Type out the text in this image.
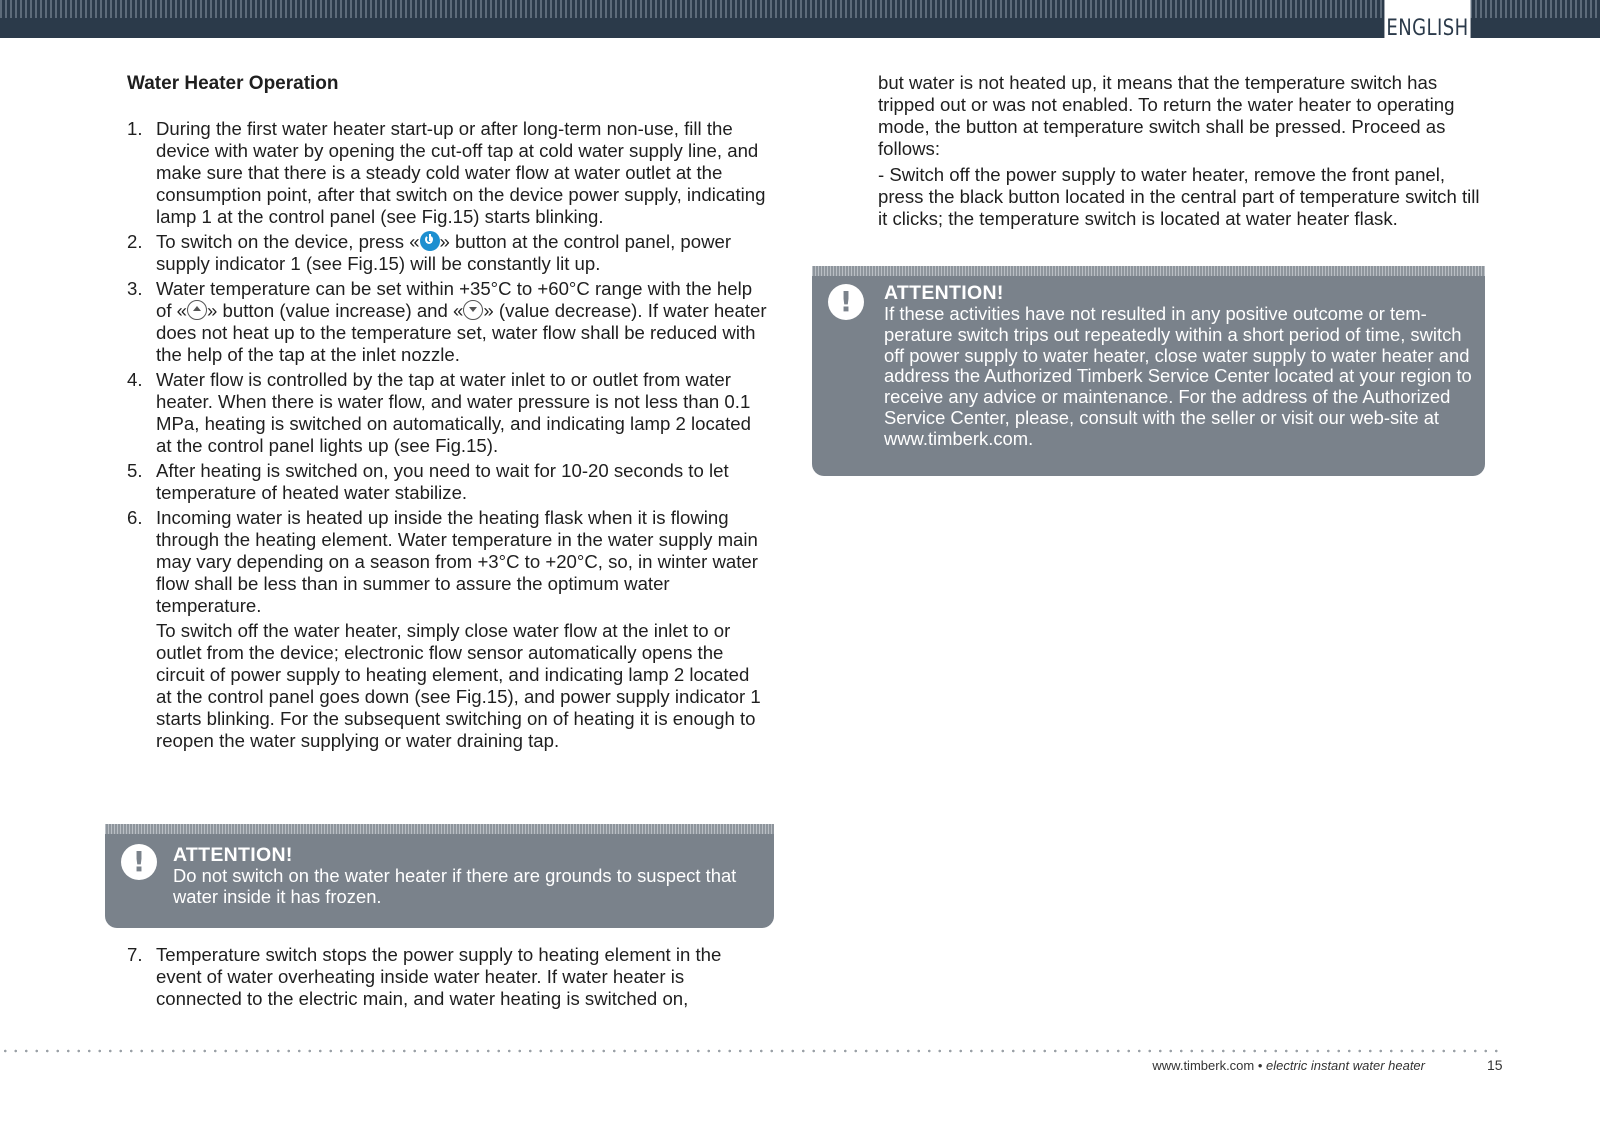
ENGLISH
Water Heater Operation
1. During the first water heater start-up or after long-term non-use, fill the device with water by opening the cut-off tap at cold water supply line, and make sure that there is a steady cold water flow at water outlet at the consumption point, after that switch on the device power supply, indicating lamp 1 at the control panel (see Fig.15) starts blinking.
2. To switch on the device, press « » button at the control panel, power supply indicator 1 (see Fig.15) will be constantly lit up.
3. Water temperature can be set within +35°C to +60°C range with the help of « » button (value increase) and « » (value decrease). If water heater does not heat up to the temperature set, water flow shall be reduced with the help of the tap at the inlet nozzle.
4. Water flow is controlled by the tap at water inlet to or outlet from water heater. When there is water flow, and water pressure is not less than 0.1 MPa, heating is switched on automatically, and indicating lamp 2 located at the control panel lights up (see Fig.15).
5. After heating is switched on, you need to wait for 10-20 seconds to let temperature of heated water stabilize.
6. Incoming water is heated up inside the heating flask when it is flowing through the heating element. Water temperature in the water supply main may vary depending on a season from +3°C to +20°C, so, in winter water flow shall be less than in summer to assure the optimum water temperature.
To switch off the water heater, simply close water flow at the inlet to or outlet from the device; electronic flow sensor automatically opens the circuit of power supply to heating element, and indicating lamp 2 located at the control panel goes down (see Fig.15), and power supply indicator 1 starts blinking. For the subsequent switching on of heating it is enough to reopen the water supplying or water draining tap.
!	ATTENTION!
Do not switch on the water heater if there are grounds to suspect that water inside it has frozen.
7. Temperature switch stops the power supply to heating element in the event of water overheating inside water heater. If water heater is connected to the electric main, and water heating is switched on,
but water is not heated up, it means that the temperature switch has tripped out or was not enabled. To return the water heater to operating mode, the button at temperature switch shall be pressed. Proceed as follows:
- Switch off the power supply to water heater, remove the front panel, press the black button located in the central part of temperature switch till it clicks; the temperature switch is located at water heater flask.
!	ATTENTION!
If these activities have not resulted in any positive outcome or tem-perature switch trips out repeatedly within a short period of time, switch off power supply to water heater, close water supply to water heater and address the Authorized Timberk Service Center located at your region to receive any advice or maintenance. For the address of the Authorized Service Center, please, consult with the seller or visit our web-site at www.timberk.com.
www.timberk.com • electric instant water heater	15
